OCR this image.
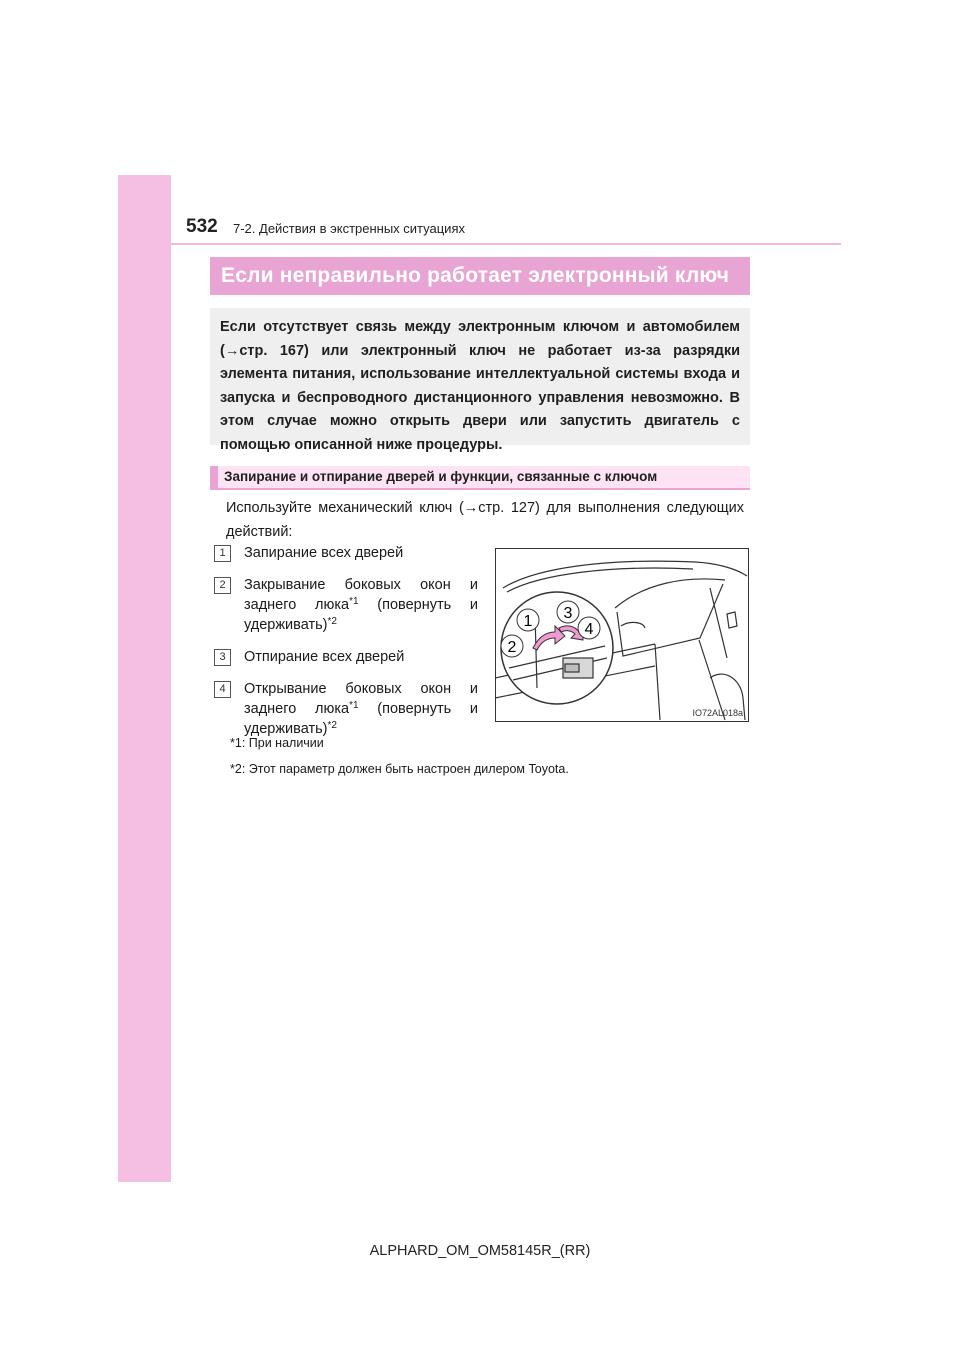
532 7-2. Действия в экстренных ситуациях
Если неправильно работает электронный ключ

Если отсутствует связь между электронным ключом и автомобилем (→стр. 167) или электронный ключ не работает из-за разрядки элемента питания, использование интеллектуальной системы входа и запуска и беспроводного дистанционного управления невозможно. В этом случае можно открыть двери или запустить двигатель с помощью описанной ниже процедуры.

Запирание и отпирание дверей и функции, связанные с ключом

Используйте механический ключ (→стр. 127) для выполнения следующих действий:

1	Запирание всех дверей
2	Закрывание боковых окон и заднего люка$^{*1}$ (повернуть и удерживать)$^{*2}$
3	Отпирание всех дверей
4	Открывание боковых окон и заднего люка$^{*1}$ (повернуть и удерживать)$^{*2}$
1
2
3
4
IO72AL018a
*1: При наличии
*2: Этот параметр должен быть настроен дилером Toyota.
ALPHARD_OM_OM58145R_(RR)
